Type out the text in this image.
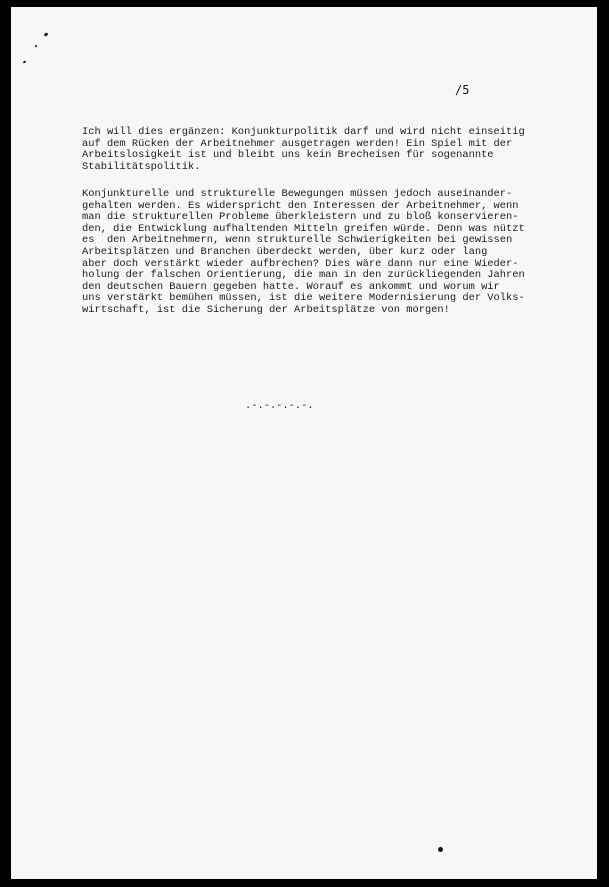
/5

Ich will dies ergänzen: Konjunkturpolitik darf und wird nicht einseitig
auf dem Rücken der Arbeitnehmer ausgetragen werden! Ein Spiel mit der
Arbeitslosigkeit ist und bleibt uns kein Brecheisen für sogenannte
Stabilitätspolitik.

Konjunkturelle und strukturelle Bewegungen müssen jedoch auseinander-
gehalten werden. Es widerspricht den Interessen der Arbeitnehmer, wenn
man die strukturellen Probleme überkleistern und zu bloß konservieren-
den, die Entwicklung aufhaltenden Mitteln greifen würde. Denn was nützt
es  den Arbeitnehmern, wenn strukturelle Schwierigkeiten bei gewissen
Arbeitsplätzen und Branchen überdeckt werden, über kurz oder lang
aber doch verstärkt wieder aufbrechen? Dies wäre dann nur eine Wieder-
holung der falschen Orientierung, die man in den zurückliegenden Jahren
den deutschen Bauern gegeben hatte. Worauf es ankommt und worum wir
uns verstärkt bemühen müssen, ist die weitere Modernisierung der Volks-
wirtschaft, ist die Sicherung der Arbeitsplätze von morgen!

.-.-.-.-.-.
